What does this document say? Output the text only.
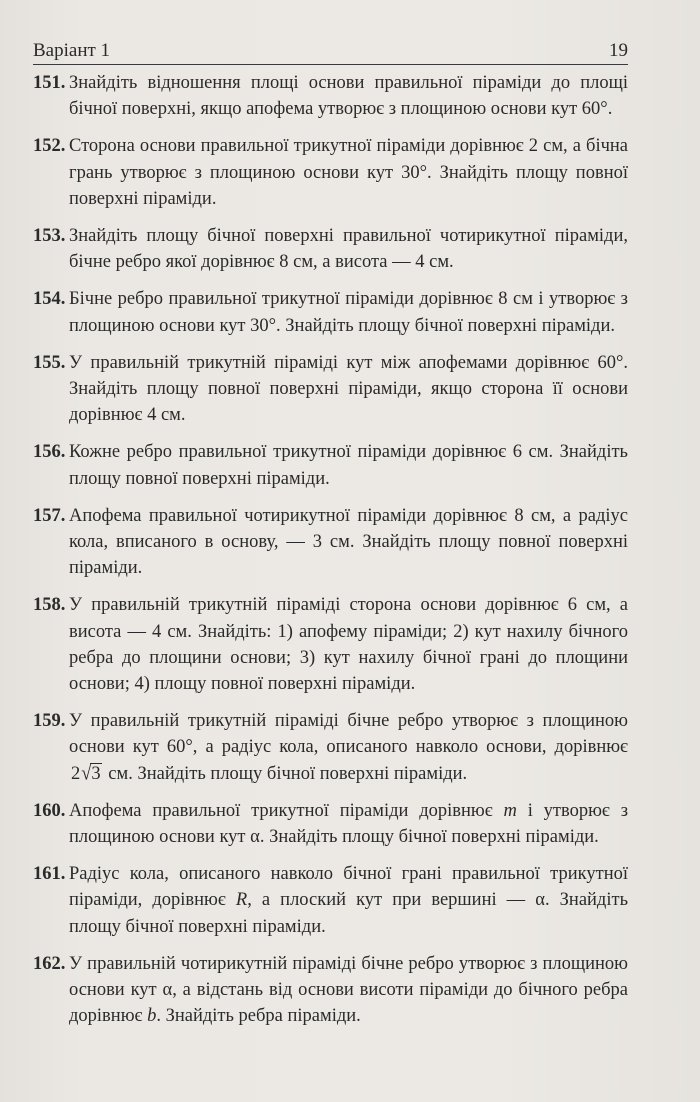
Варіант 1	19
151. Знайдіть відношення площі основи правильної піраміди до площі бічної поверхні, якщо апофема утворює з площиною основи кут 60°.
152. Сторона основи правильної трикутної піраміди дорівнює 2 см, а бічна грань утворює з площиною основи кут 30°. Знайдіть площу повної поверхні піраміди.
153. Знайдіть площу бічної поверхні правильної чотирикутної піраміди, бічне ребро якої дорівнює 8 см, а висота — 4 см.
154. Бічне ребро правильної трикутної піраміди дорівнює 8 см і утворює з площиною основи кут 30°. Знайдіть площу бічної поверхні піраміди.
155. У правильній трикутній піраміді кут між апофемами дорівнює 60°. Знайдіть площу повної поверхні піраміди, якщо сторона її основи дорівнює 4 см.
156. Кожне ребро правильної трикутної піраміди дорівнює 6 см. Знайдіть площу повної поверхні піраміди.
157. Апофема правильної чотирикутної піраміди дорівнює 8 см, а радіус кола, вписаного в основу, — 3 см. Знайдіть площу повної поверхні піраміди.
158. У правильній трикутній піраміді сторона основи дорівнює 6 см, а висота — 4 см. Знайдіть: 1) апофему піраміди; 2) кут нахилу бічного ребра до площини основи; 3) кут нахилу бічної грані до площини основи; 4) площу повної поверхні піраміди.
159. У правильній трикутній піраміді бічне ребро утворює з площиною основи кут 60°, а радіус кола, описаного навколо основи, дорівнює 2√3 см. Знайдіть площу бічної поверхні піраміди.
160. Апофема правильної трикутної піраміди дорівнює m і утворює з площиною основи кут α. Знайдіть площу бічної поверхні піраміди.
161. Радіус кола, описаного навколо бічної грані правильної трикутної піраміди, дорівнює R, а плоский кут при вершині — α. Знайдіть площу бічної поверхні піраміди.
162. У правильній чотирикутній піраміді бічне ребро утворює з площиною основи кут α, а відстань від основи висоти піраміди до бічного ребра дорівнює b. Знайдіть ребра піраміди.
